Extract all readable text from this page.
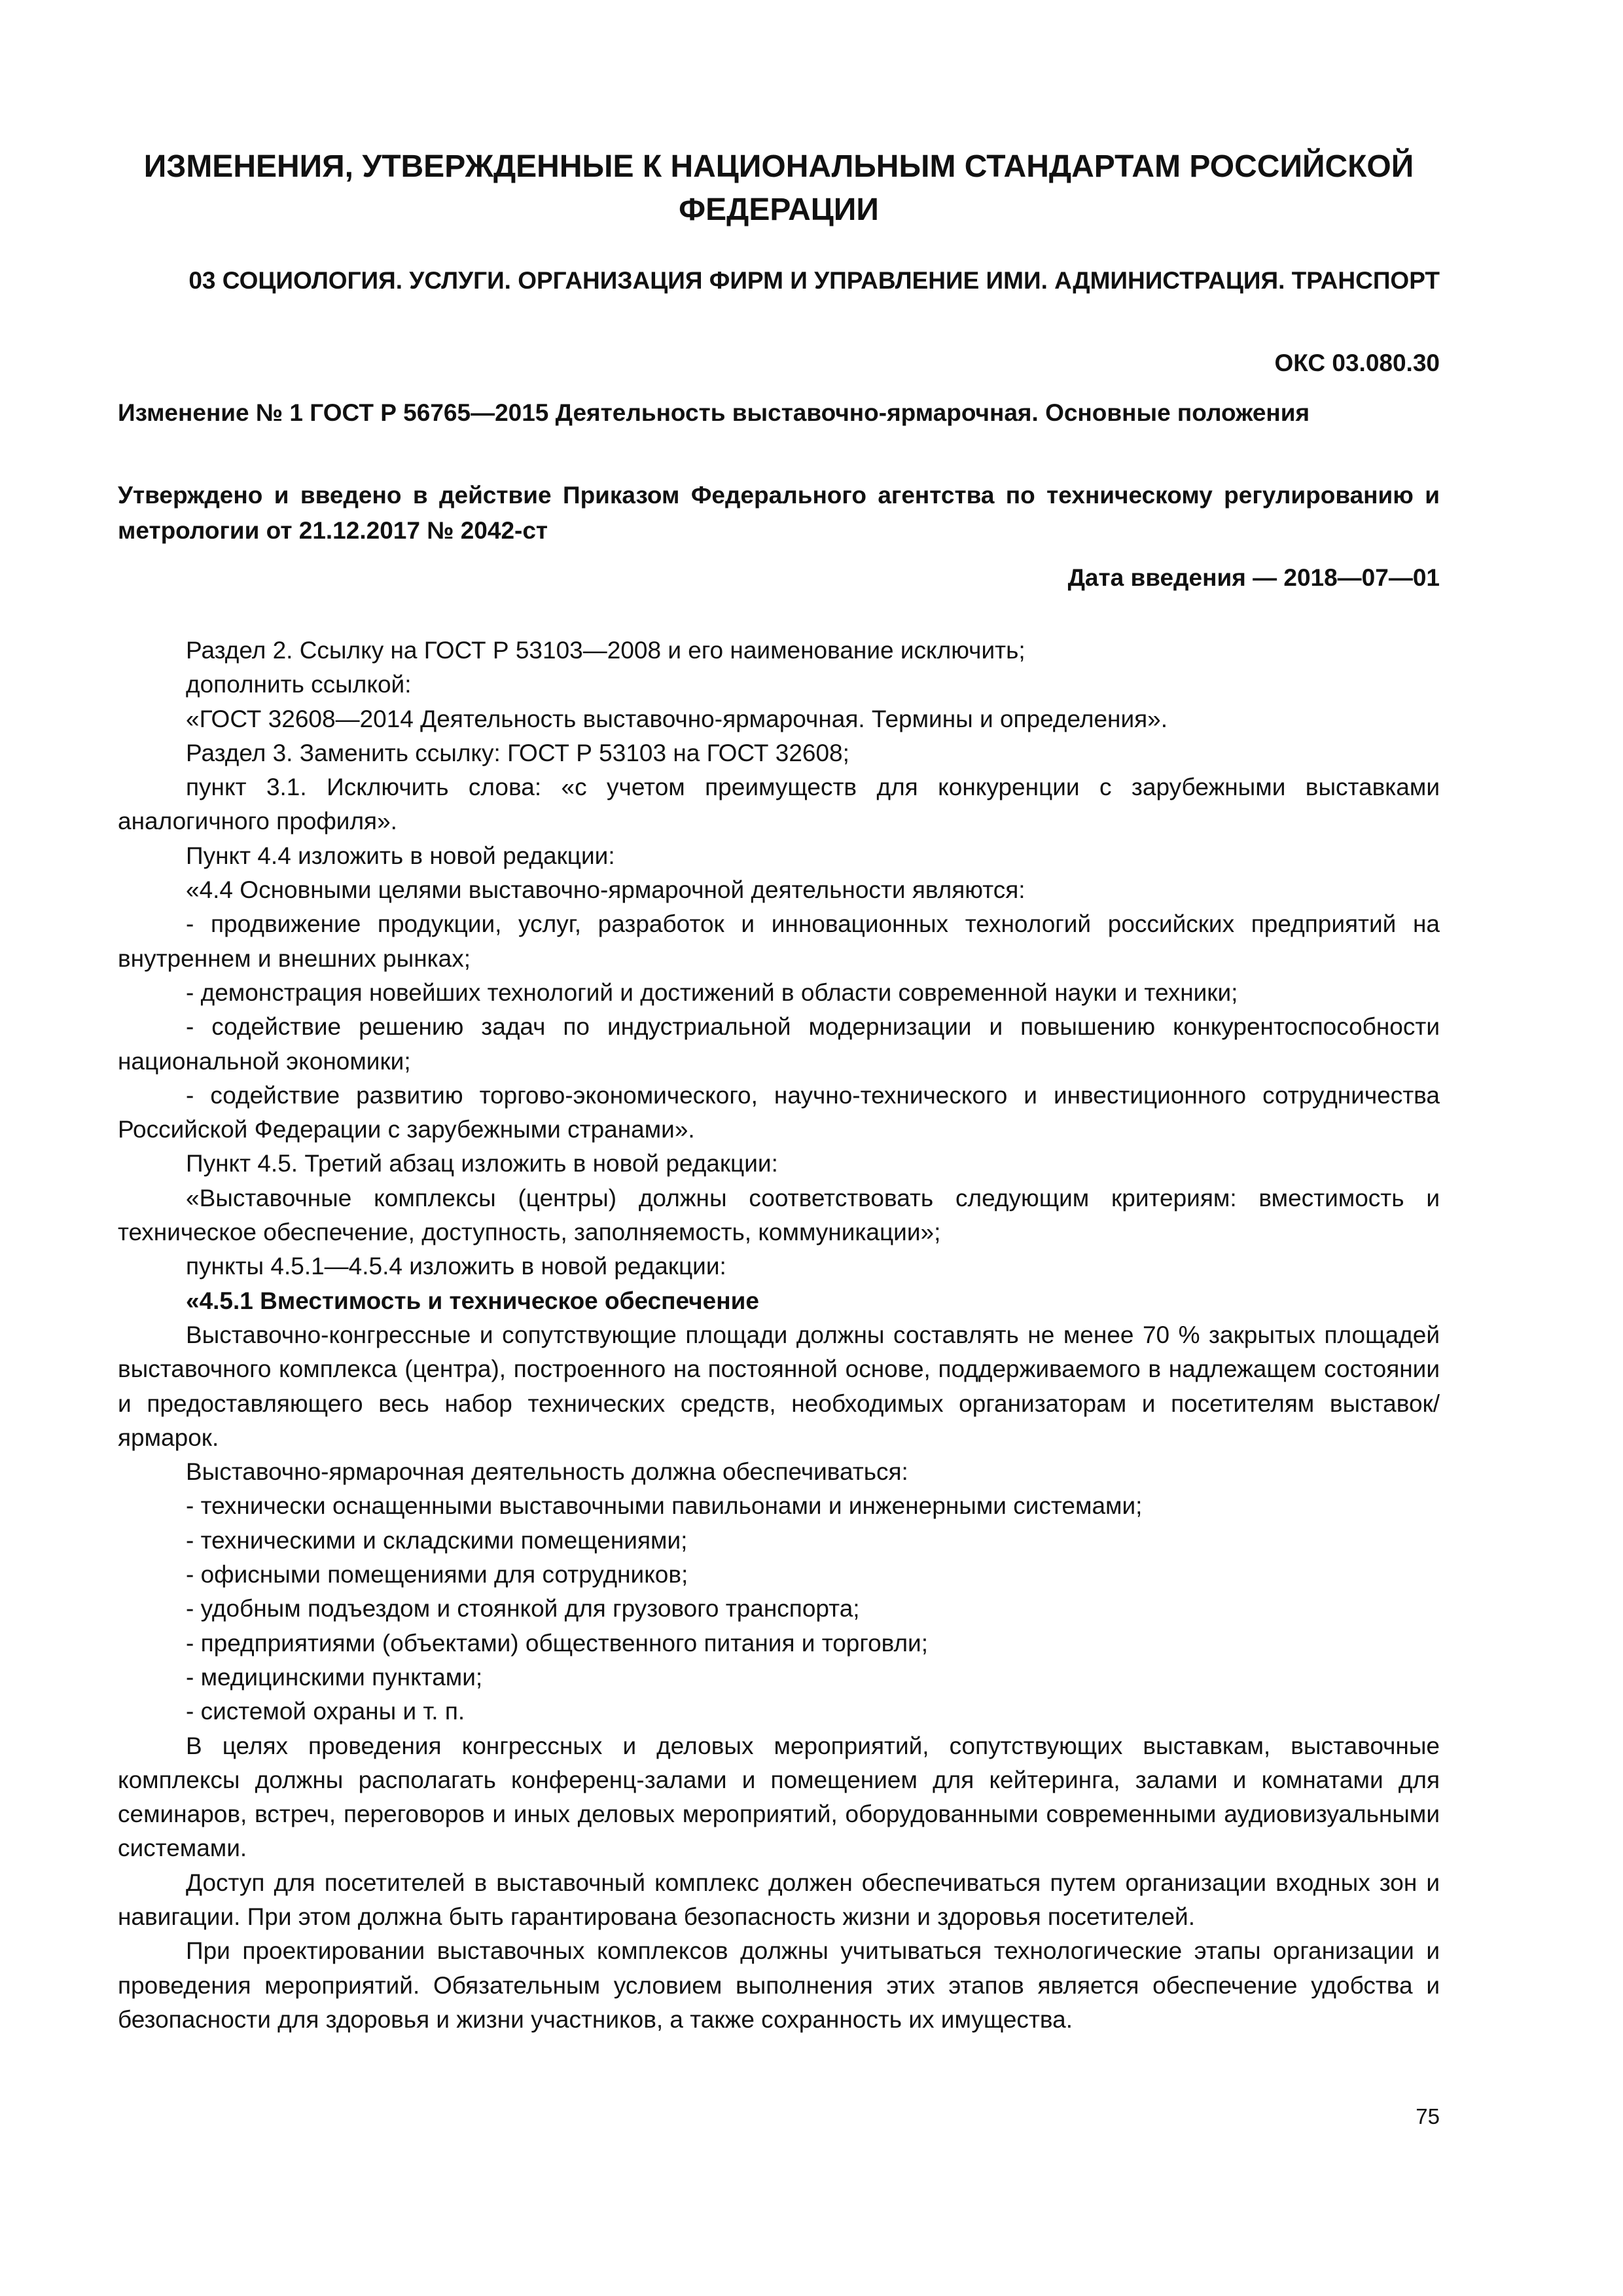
ИЗМЕНЕНИЯ, УТВЕРЖДЕННЫЕ К НАЦИОНАЛЬНЫМ СТАНДАРТАМ РОССИЙСКОЙ ФЕДЕРАЦИИ
03 СОЦИОЛОГИЯ. УСЛУГИ. ОРГАНИЗАЦИЯ ФИРМ И УПРАВЛЕНИЕ ИМИ. АДМИНИСТРАЦИЯ. ТРАНСПОРТ
ОКС 03.080.30
Изменение № 1 ГОСТ Р 56765—2015 Деятельность выставочно-ярмарочная. Основные положения
Утверждено и введено в действие Приказом Федерального агентства по техническому регулированию и метрологии от 21.12.2017 № 2042-ст
Дата введения — 2018—07—01

Раздел 2. Ссылку на ГОСТ Р 53103—2008 и его наименование исключить;

дополнить ссылкой:

«ГОСТ 32608—2014 Деятельность выставочно-ярмарочная. Термины и определения».

Раздел 3. Заменить ссылку: ГОСТ Р 53103 на ГОСТ 32608;

пункт 3.1. Исключить слова: «с учетом преимуществ для конкуренции с зарубежными выставками аналогичного профиля».

Пункт 4.4 изложить в новой редакции:

«4.4 Основными целями выставочно-ярмарочной деятельности являются:

- продвижение продукции, услуг, разработок и инновационных технологий российских предприятий на внутреннем и внешних рынках;

- демонстрация новейших технологий и достижений в области современной науки и техники;

- содействие решению задач по индустриальной модернизации и повышению конкурентоспособности национальной экономики;

- содействие развитию торгово-экономического, научно-технического и инвестиционного сотрудничества Российской Федерации с зарубежными странами».

Пункт 4.5. Третий абзац изложить в новой редакции:

«Выставочные комплексы (центры) должны соответствовать следующим критериям: вместимость и техническое обеспечение, доступность, заполняемость, коммуникации»;

пункты 4.5.1—4.5.4 изложить в новой редакции:

«4.5.1 Вместимость и техническое обеспечение

Выставочно-конгрессные и сопутствующие площади должны составлять не менее 70 % закрытых площадей выставочного комплекса (центра), построенного на постоянной основе, поддерживаемого в надлежащем состоянии и предоставляющего весь набор технических средств, необходимых организаторам и посетителям выставок/ярмарок.

Выставочно-ярмарочная деятельность должна обеспечиваться:

- технически оснащенными выставочными павильонами и инженерными системами;

- техническими и складскими помещениями;

- офисными помещениями для сотрудников;

- удобным подъездом и стоянкой для грузового транспорта;

- предприятиями (объектами) общественного питания и торговли;

- медицинскими пунктами;

- системой охраны и т. п.

В целях проведения конгрессных и деловых мероприятий, сопутствующих выставкам, выставочные комплексы должны располагать конференц-залами и помещением для кейтеринга, залами и комнатами для семинаров, встреч, переговоров и иных деловых мероприятий, оборудованными современными аудиовизуальными системами.

Доступ для посетителей в выставочный комплекс должен обеспечиваться путем организации входных зон и навигации. При этом должна быть гарантирована безопасность жизни и здоровья посетителей.

При проектировании выставочных комплексов должны учитываться технологические этапы организации и проведения мероприятий. Обязательным условием выполнения этих этапов является обеспечение удобства и безопасности для здоровья и жизни участников, а также сохранность их имущества.

75
